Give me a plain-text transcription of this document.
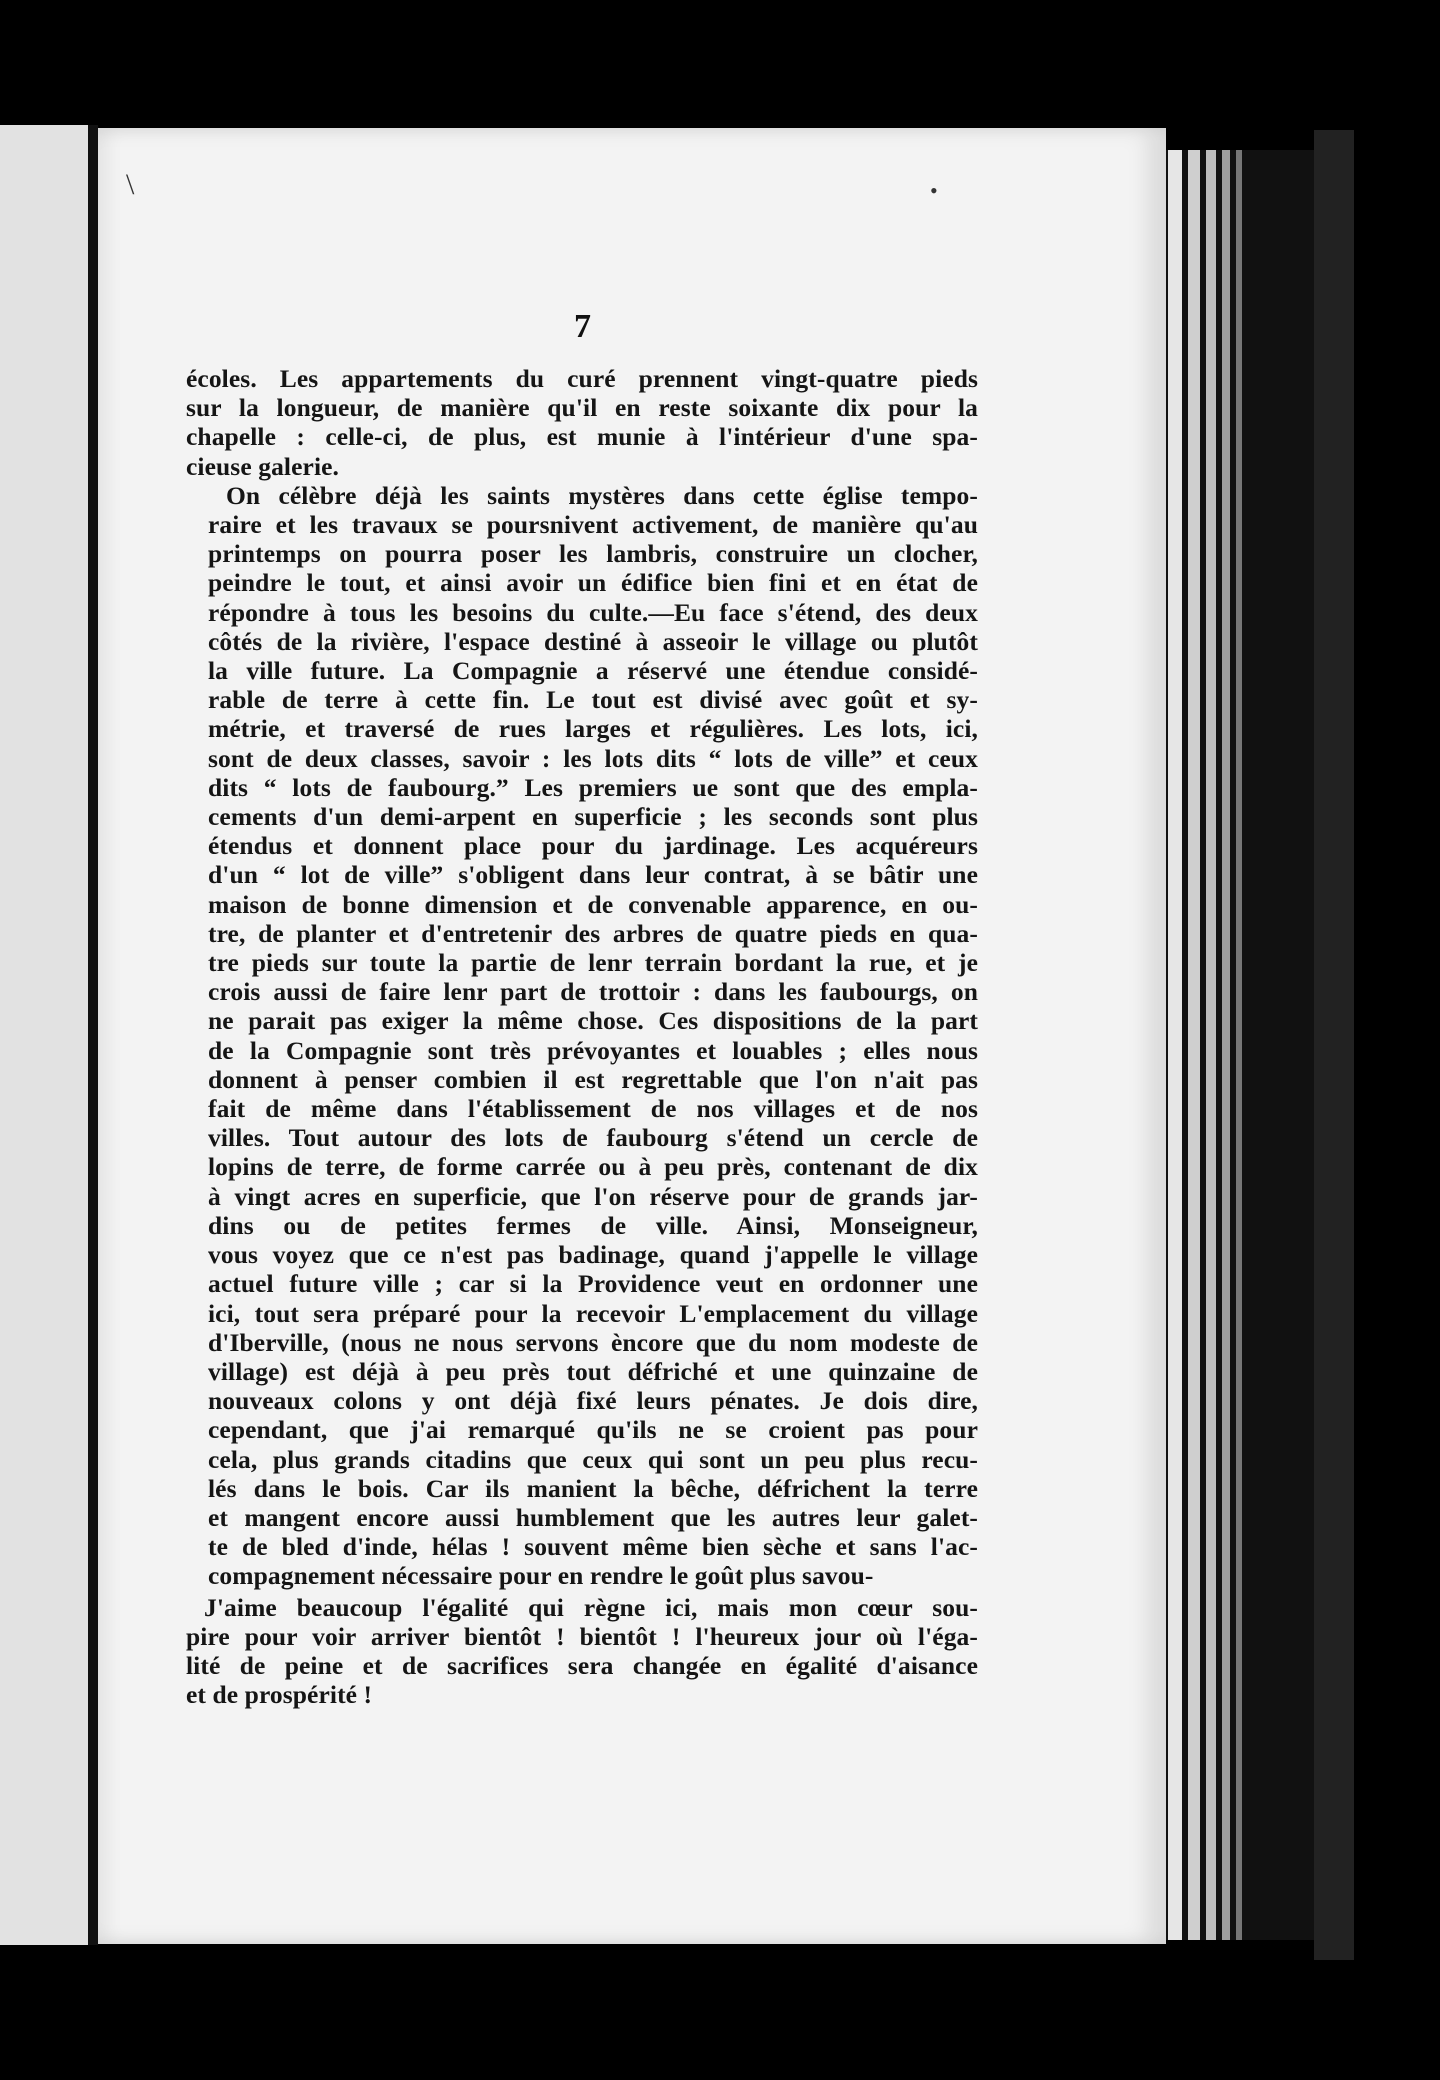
\	•
7

écoles. Les appartements du curé prennent vingt-quatre pieds
sur la longueur, de manière qu'il en reste soixante dix pour la
chapelle : celle-ci, de plus, est munie à l'intérieur d'une spa-
cieuse galerie.

On célèbre déjà les saints mystères dans cette église tempo-
raire et les travaux se poursnivent activement, de manière qu'au
printemps on pourra poser les lambris, construire un clocher,
peindre le tout, et ainsi avoir un édifice bien fini et en état de
répondre à tous les besoins du culte.—Eu face s'étend, des deux
côtés de la rivière, l'espace destiné à asseoir le village ou plutôt
la ville future. La Compagnie a réservé une étendue considé-
rable de terre à cette fin. Le tout est divisé avec goût et sy-
métrie, et traversé de rues larges et régulières. Les lots, ici,
sont de deux classes, savoir : les lots dits “ lots de ville” et ceux
dits “ lots de faubourg.” Les premiers ue sont que des empla-
cements d'un demi-arpent en superficie ; les seconds sont plus
étendus et donnent place pour du jardinage. Les acquéreurs
d'un “ lot de ville” s'obligent dans leur contrat, à se bâtir une
maison de bonne dimension et de convenable apparence, en ou-
tre, de planter et d'entretenir des arbres de quatre pieds en qua-
tre pieds sur toute la partie de lenr terrain bordant la rue, et je
crois aussi de faire lenr part de trottoir : dans les faubourgs, on
ne parait pas exiger la même chose. Ces dispositions de la part
de la Compagnie sont très prévoyantes et louables ; elles nous
donnent à penser combien il est regrettable que l'on n'ait pas
fait de même dans l'établissement de nos villages et de nos
villes. Tout autour des lots de faubourg s'étend un cercle de
lopins de terre, de forme carrée ou à peu près, contenant de dix
à vingt acres en superficie, que l'on réserve pour de grands jar-
dins ou de petites fermes de ville. Ainsi, Monseigneur,
vous voyez que ce n'est pas badinage, quand j'appelle le village
actuel future ville ; car si la Providence veut en ordonner une
ici, tout sera préparé pour la recevoir L'emplacement du village
d'Iberville, (nous ne nous servons èncore que du nom modeste de
village) est déjà à peu près tout défriché et une quinzaine de
nouveaux colons y ont déjà fixé leurs pénates. Je dois dire,
cependant, que j'ai remarqué qu'ils ne se croient pas pour
cela, plus grands citadins que ceux qui sont un peu plus recu-
lés dans le bois. Car ils manient la bêche, défrichent la terre
et mangent encore aussi humblement que les autres leur galet-
te de bled d'inde, hélas ! souvent même bien sèche et sans l'ac-
compagnement nécessaire pour en rendre le goût plus savou-

J'aime beaucoup l'égalité qui règne ici, mais mon cœur sou-
pire pour voir arriver bientôt ! bientôt ! l'heureux jour où l'éga-
lité de peine et de sacrifices sera changée en égalité d'aisance
et de prospérité !
